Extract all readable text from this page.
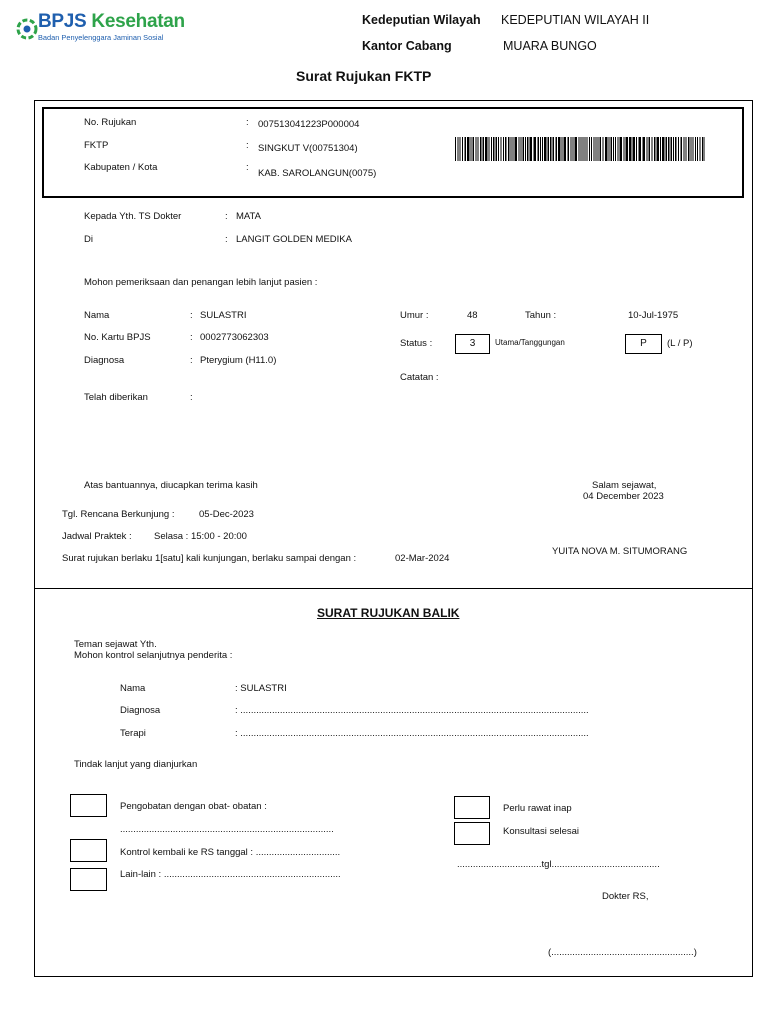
BPJS Kesehatan
Badan Penyelenggara Jaminan Sosial
Kedeputian Wilayah KEDEPUTIAN WILAYAH II
Kantor Cabang	MUARA BUNGO
Surat Rujukan FKTP
No. Rujukan	: 007513041223P000004
FKTP	: SINGKUT V(00751304)
Kabupaten / Kota	:
KAB. SAROLANGUN(0075)
Kepada Yth. TS Dokter	: MATA
Di	: LANGIT GOLDEN MEDIKA
Mohon pemeriksaan dan penangan lebih lanjut pasien :
Nama	: SULASTRI
No. Kartu BPJS	: 0002773062303
Diagnosa	: Pterygium (H11.0)
Telah diberikan	:
Umur :	48	Tahun :	10-Jul-1975
Status :	3	Utama/Tanggungan	P	(L / P)
Catatan :
Atas bantuannya, diucapkan terima kasih	Salam sejawat,
04 December 2023
Tgl. Rencana Berkunjung :	05-Dec-2023
Jadwal Praktek : Selasa : 15:00 - 20:00
Surat rujukan berlaku 1[satu] kali kunjungan, berlaku sampai dengan :	02-Mar-2024
YUITA NOVA M. SITUMORANG
SURAT RUJUKAN BALIK
Teman sejawat Yth.
Mohon kontrol selanjutnya penderita :
Nama	: SULASTRI
Diagnosa	: ....................................................................................................................................
Terapi	: ....................................................................................................................................
Tindak lanjut yang dianjurkan
Pengobatan dengan obat- obatan :
.................................................................................
Kontrol kembali ke RS tanggal : ................................
Lain-lain : ...................................................................
Perlu rawat inap
Konsultasi selesai
................................tgl.........................................
Dokter RS,
(......................................................)
